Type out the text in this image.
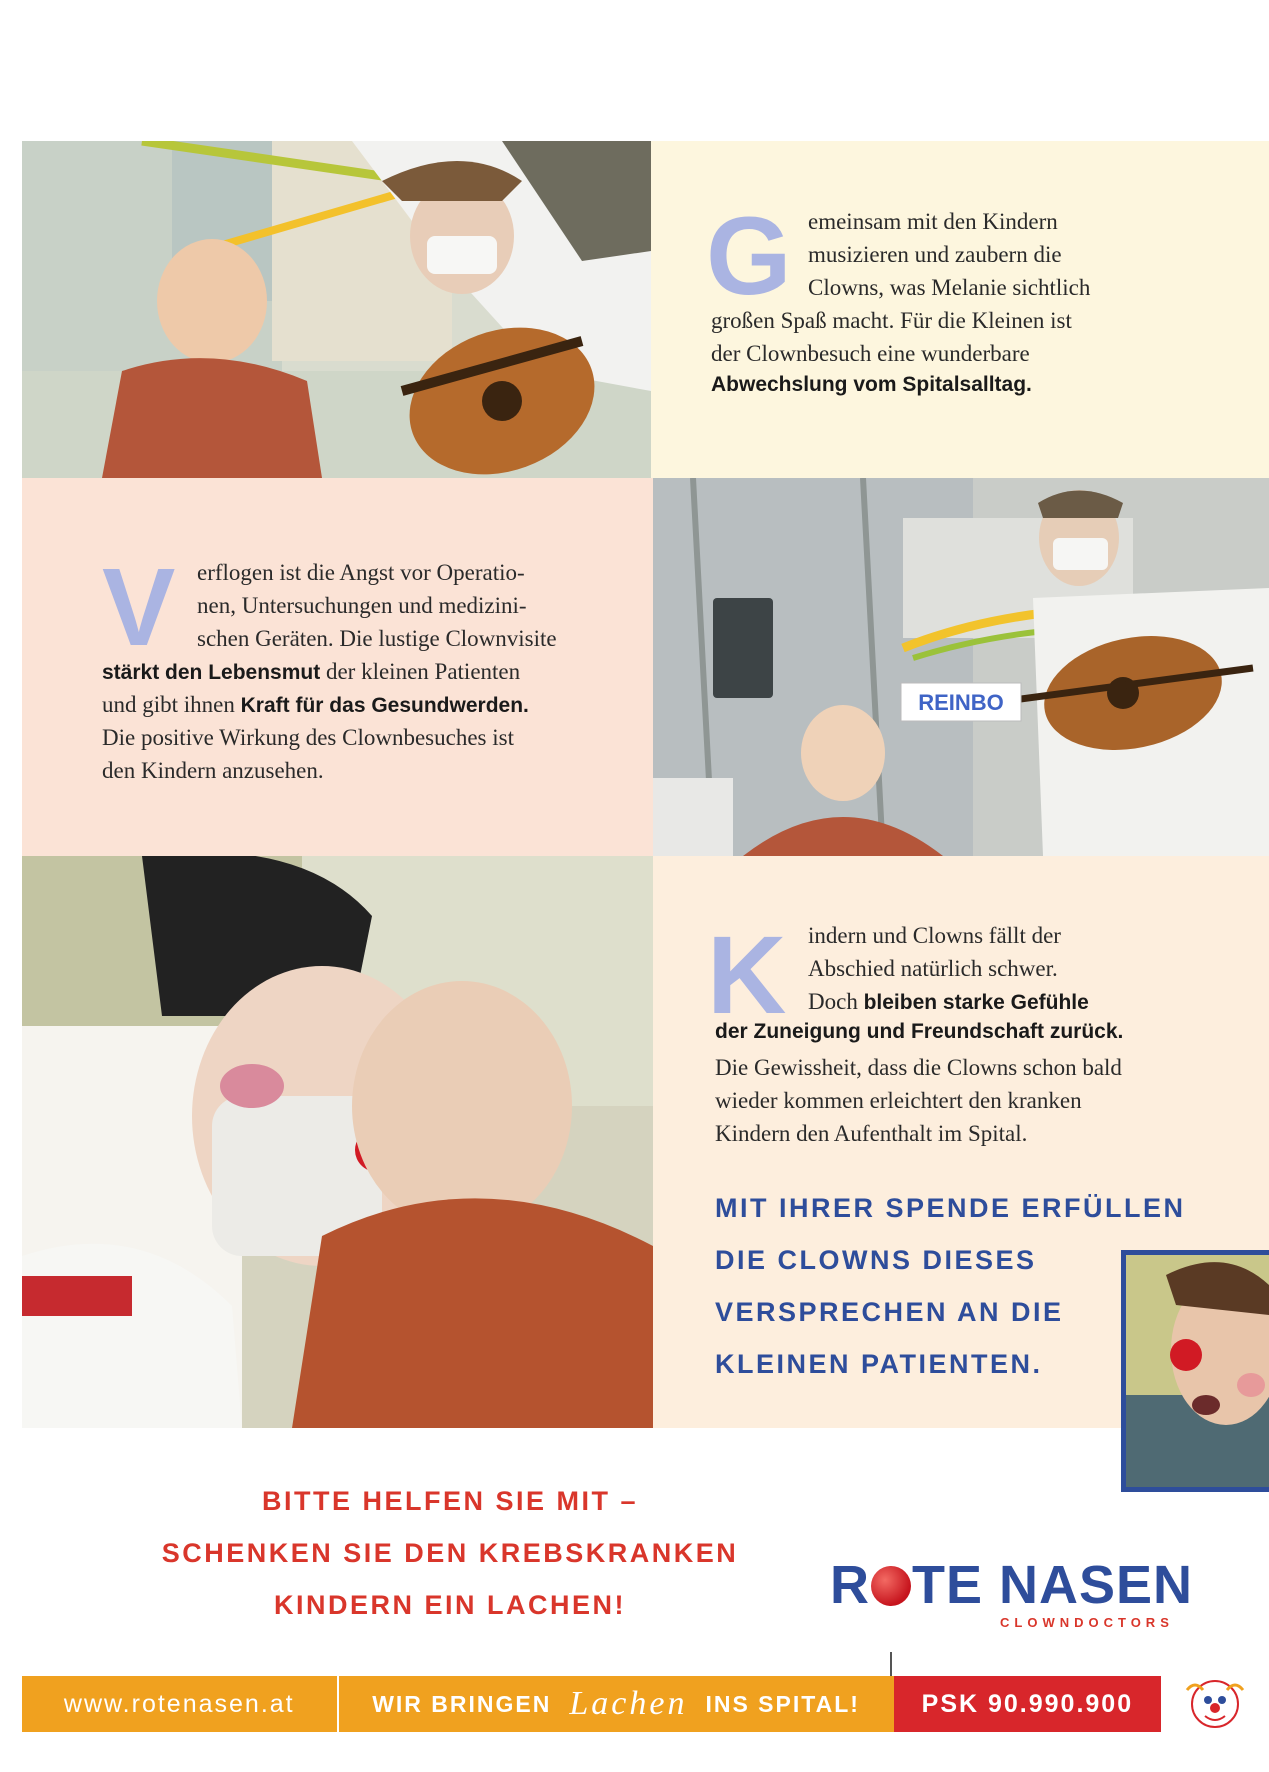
G emeinsam mit den Kindern
musizieren und zaubern die
Clowns, was Melanie sichtlich
großen Spaß macht. Für die Kleinen ist
der Clownbesuch eine wunderbare
Abwechslung vom Spitalsalltag.
V erflogen ist die Angst vor Operatio-
nen, Untersuchungen und medizini-
schen Geräten. Die lustige Clownvisite
stärkt den Lebensmut der kleinen Patienten
und gibt ihnen Kraft für das Gesundwerden.
Die positive Wirkung des Clownbesuches ist
den Kindern anzusehen.
REINBO
K indern und Clowns fällt der
Abschied natürlich schwer.
Doch bleiben starke Gefühle
der Zuneigung und Freundschaft zurück.
Die Gewissheit, dass die Clowns schon bald
wieder kommen erleichtert den kranken
Kindern den Aufenthalt im Spital.
MIT IHRER SPENDE ERFÜLLEN
DIE CLOWNS DIESES
VERSPRECHEN AN DIE
KLEINEN PATIENTEN.
BITTE HELFEN SIE MIT –
SCHENKEN SIE DEN KREBSKRANKEN
KINDERN EIN LACHEN!	R TE NASEN
CLOWNDOCTORS
www.rotenasen.at	WIR BRINGEN Lachen INS SPITAL! PSK 90.990.900
